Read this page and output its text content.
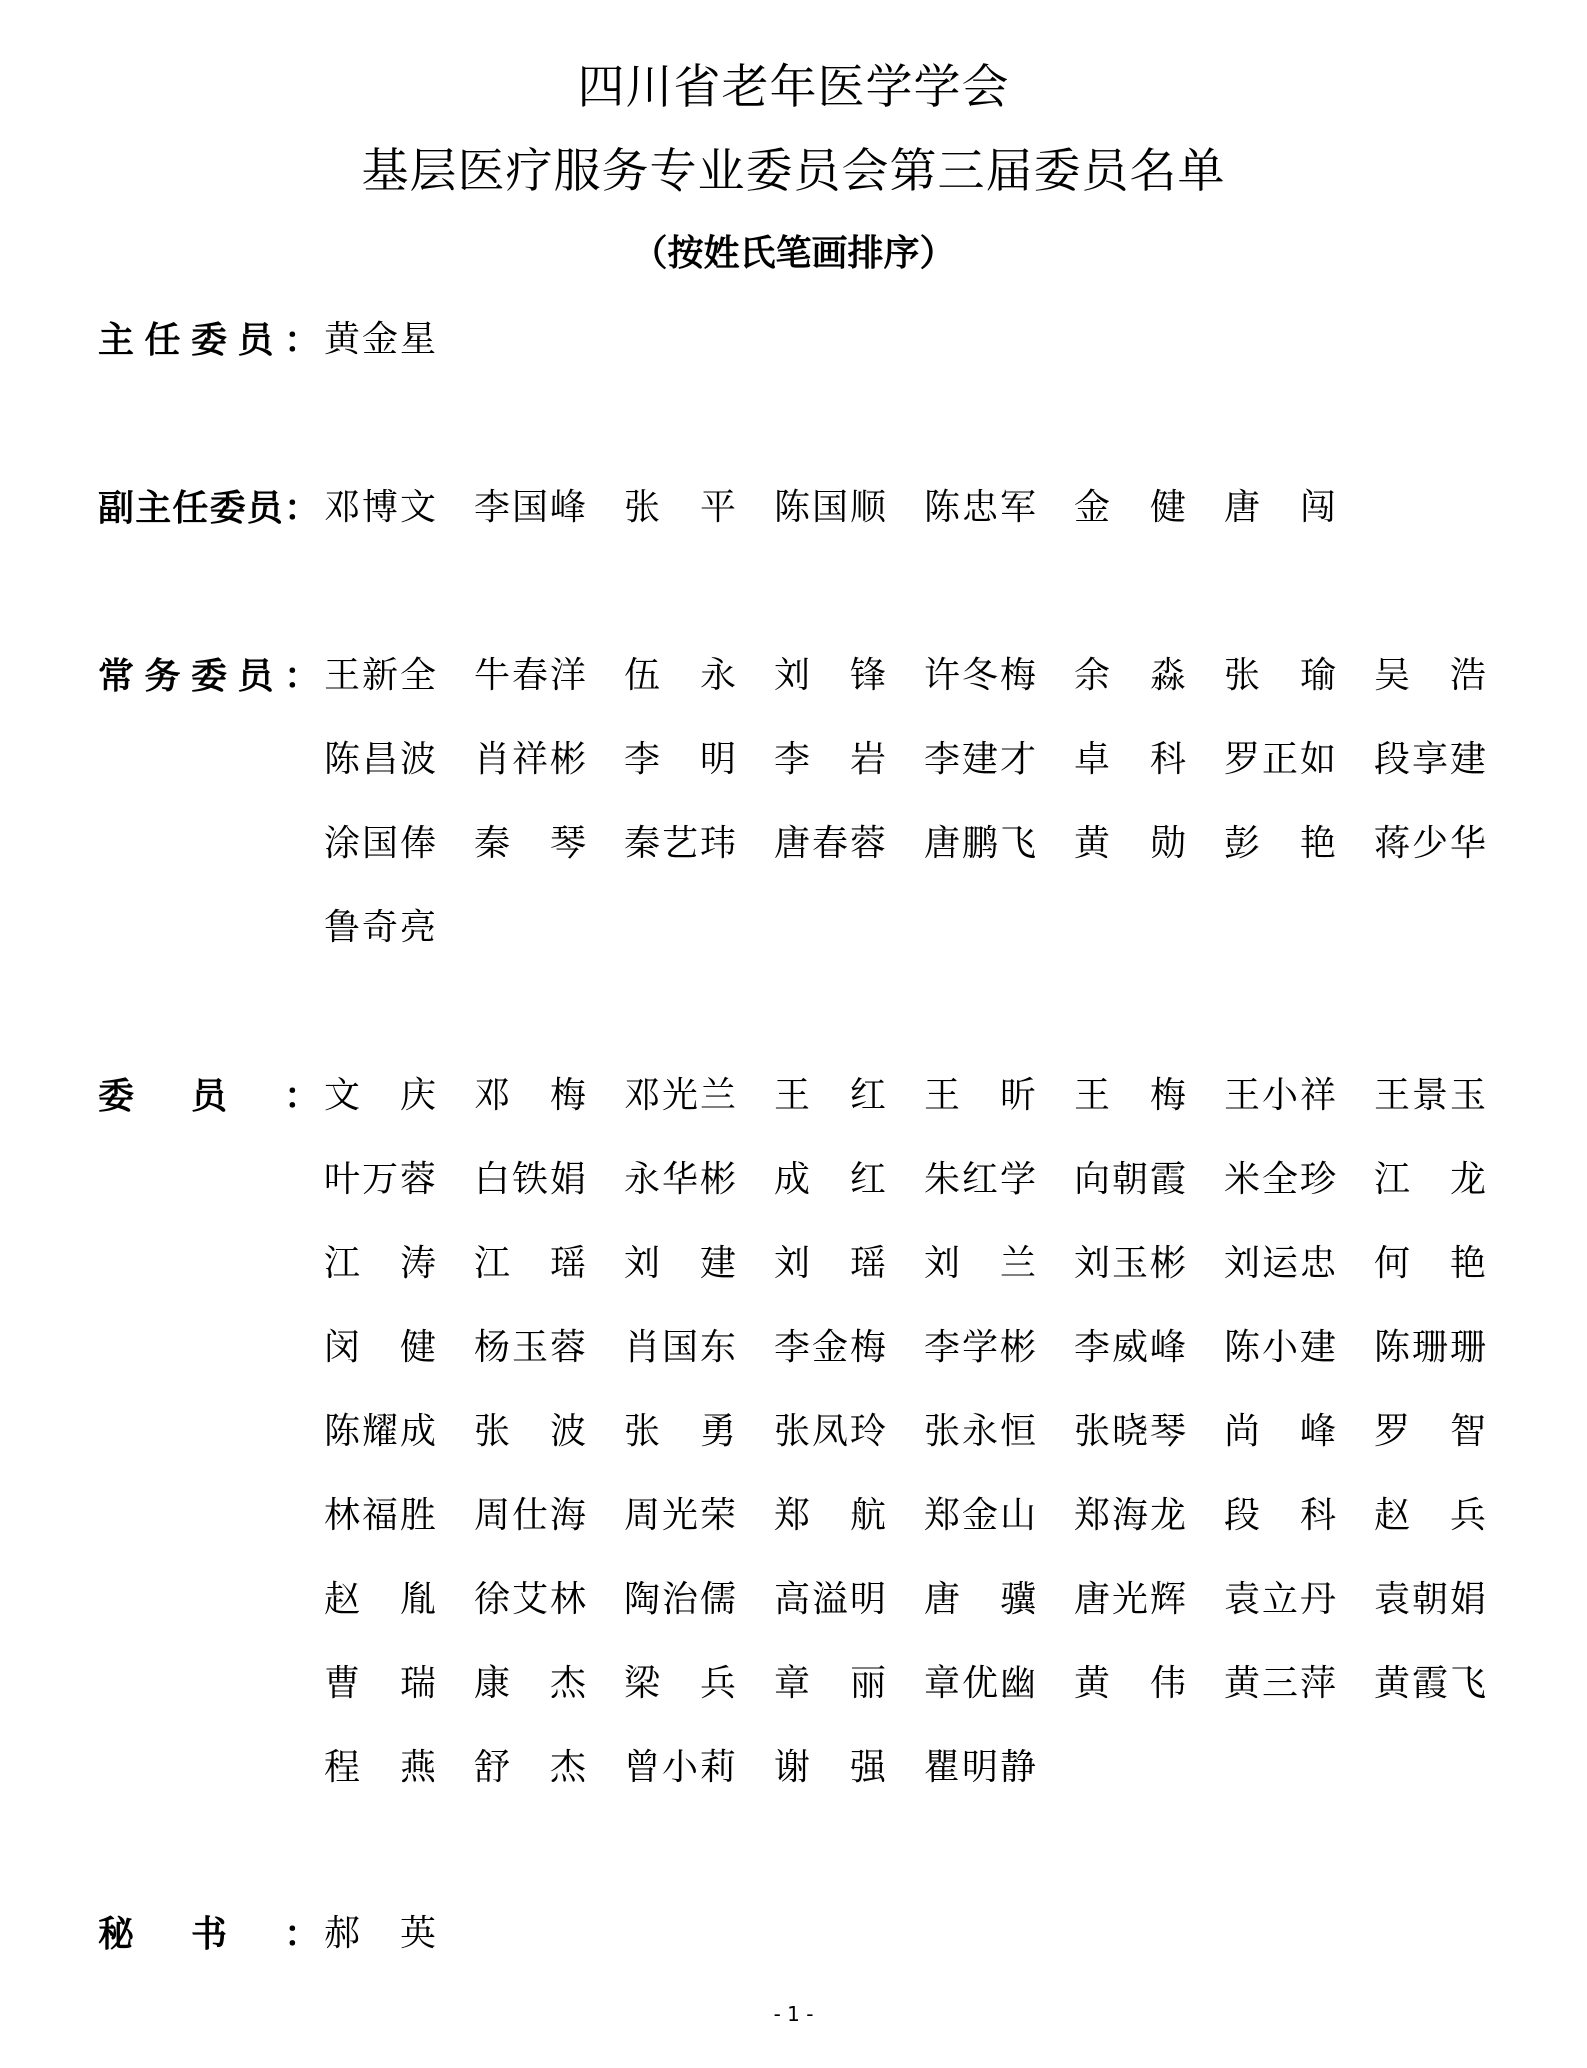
四川省老年医学学会
基层医疗服务专业委员会第三届委员名单
（按姓氏笔画排序）
主 任 委 员 ： 黄 金 星
副 主 任 委 员 ： 邓 博 文 李 国 峰 张 平 陈 国 顺 陈 忠 军 金 健 唐 闯
常 务 委 员 ： 王 新 全 牛 春 洋 伍 永 刘 锋 许 冬 梅 余 淼 张 瑜 吴 浩
陈 昌 波 肖 祥 彬 李 明 李 岩 李 建 才 卓 科 罗 正 如 段 享 建
涂 国 俸 秦 琴 秦 艺 玮 唐 春 蓉 唐 鹏 飞 黄 勋 彭 艳 蒋 少 华
鲁 奇 亮
委 员 ： 文 庆 邓 梅 邓 光 兰 王 红 王 昕 王 梅 王 小 祥 王 景 玉
叶 万 蓉 白 铁 娟 永 华 彬 成 红 朱 红 学 向 朝 霞 米 全 珍 江 龙
江 涛 江 瑶 刘 建 刘 瑶 刘 兰 刘 玉 彬 刘 运 忠 何 艳
闵 健 杨 玉 蓉 肖 国 东 李 金 梅 李 学 彬 李 威 峰 陈 小 建 陈 珊 珊
陈 耀 成 张 波 张 勇 张 凤 玲 张 永 恒 张 晓 琴 尚 峰 罗 智
林 福 胜 周 仕 海 周 光 荣 郑 航 郑 金 山 郑 海 龙 段 科 赵 兵
赵 胤 徐 艾 林 陶 治 儒 高 溢 明 唐 骥 唐 光 辉 袁 立 丹 袁 朝 娟
曹 瑞 康 杰 梁 兵 章 丽 章 优 幽 黄 伟 黄 三 萍 黄 霞 飞
程 燕 舒 杰 曾 小 莉 谢 强 瞿 明 静
秘 书 ： 郝 英
- 1 -
